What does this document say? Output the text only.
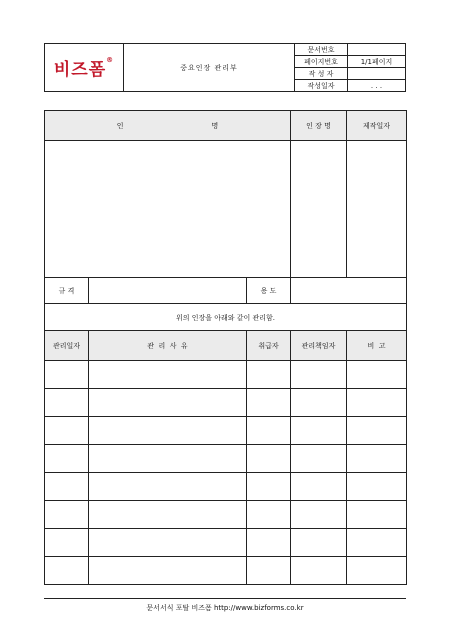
비즈폼®	중요인장 관리부	문서번호	
		페이지번호	1/1페이지
		작 성 자	
		작성일자	. . .
인 명			인 장 명	제작일자

규 격		용 도		
위의 인장을 아래와 같이 관리함.				
관리일자	관  리  사  유	취급자	관리책임자	비  고

문서서식 포탈 비즈폼 http://www.bizforms.co.kr
